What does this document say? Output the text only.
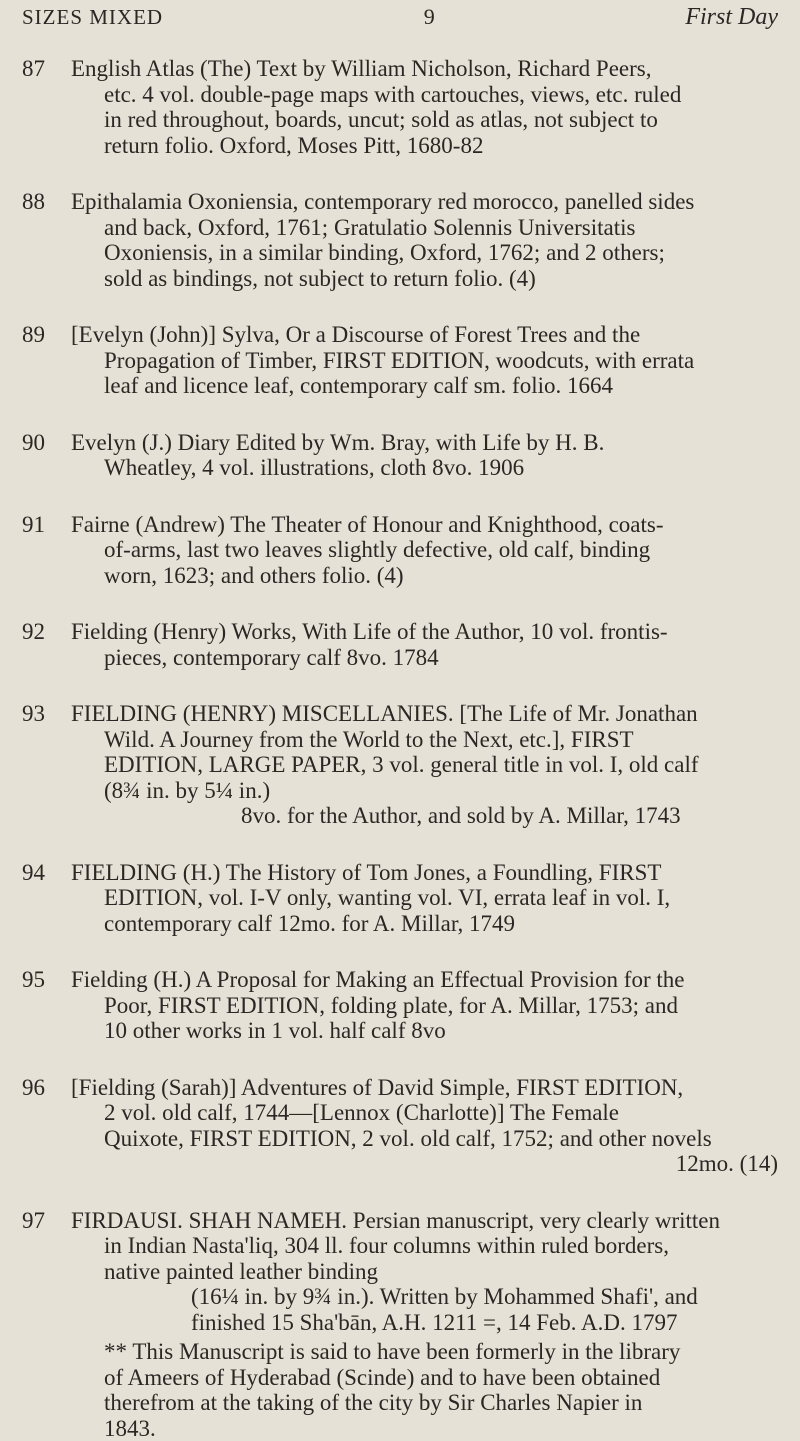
SIZES MIXED	9	First Day
87	English Atlas (The) Text by William Nicholson, Richard Peers,
etc. 4 vol. double-page maps with cartouches, views, etc. ruled
in red throughout, boards, uncut; sold as atlas, not subject to
return folio. Oxford, Moses Pitt, 1680-82
88	Epithalamia Oxoniensia, contemporary red morocco, panelled sides
and back, Oxford, 1761; Gratulatio Solennis Universitatis
Oxoniensis, in a similar binding, Oxford, 1762; and 2 others;
sold as bindings, not subject to return folio. (4)
89	[Evelyn (John)] Sylva, Or a Discourse of Forest Trees and the
Propagation of Timber, FIRST EDITION, woodcuts, with errata
leaf and licence leaf, contemporary calf sm. folio. 1664
90	Evelyn (J.) Diary Edited by Wm. Bray, with Life by H. B.
Wheatley, 4 vol. illustrations, cloth 8vo. 1906
91	Fairne (Andrew) The Theater of Honour and Knighthood, coats-
of-arms, last two leaves slightly defective, old calf, binding
worn, 1623; and others folio. (4)
92	Fielding (Henry) Works, With Life of the Author, 10 vol. frontis-
pieces, contemporary calf 8vo. 1784
93	FIELDING (HENRY) MISCELLANIES. [The Life of Mr. Jonathan
Wild. A Journey from the World to the Next, etc.], FIRST
EDITION, LARGE PAPER, 3 vol. general title in vol. I, old calf
(8¾ in. by 5¼ in.)
8vo. for the Author, and sold by A. Millar, 1743
94	FIELDING (H.) The History of Tom Jones, a Foundling, FIRST
EDITION, vol. I-V only, wanting vol. VI, errata leaf in vol. I,
contemporary calf 12mo. for A. Millar, 1749
95	Fielding (H.) A Proposal for Making an Effectual Provision for the
Poor, FIRST EDITION, folding plate, for A. Millar, 1753; and
10 other works in 1 vol. half calf 8vo
96	[Fielding (Sarah)] Adventures of David Simple, FIRST EDITION,
2 vol. old calf, 1744—[Lennox (Charlotte)] The Female
Quixote, FIRST EDITION, 2 vol. old calf, 1752; and other novels
12mo. (14)
97	FIRDAUSI. SHAH NAMEH. Persian manuscript, very clearly written
in Indian Nasta'liq, 304 ll. four columns within ruled borders,
native painted leather binding
(16¼ in. by 9¾ in.). Written by Mohammed Shafi', and
finished 15 Sha'bān, A.H. 1211 =, 14 Feb. A.D. 1797
** This Manuscript is said to have been formerly in the library
of Ameers of Hyderabad (Scinde) and to have been obtained
therefrom at the taking of the city by Sir Charles Napier in
1843.
